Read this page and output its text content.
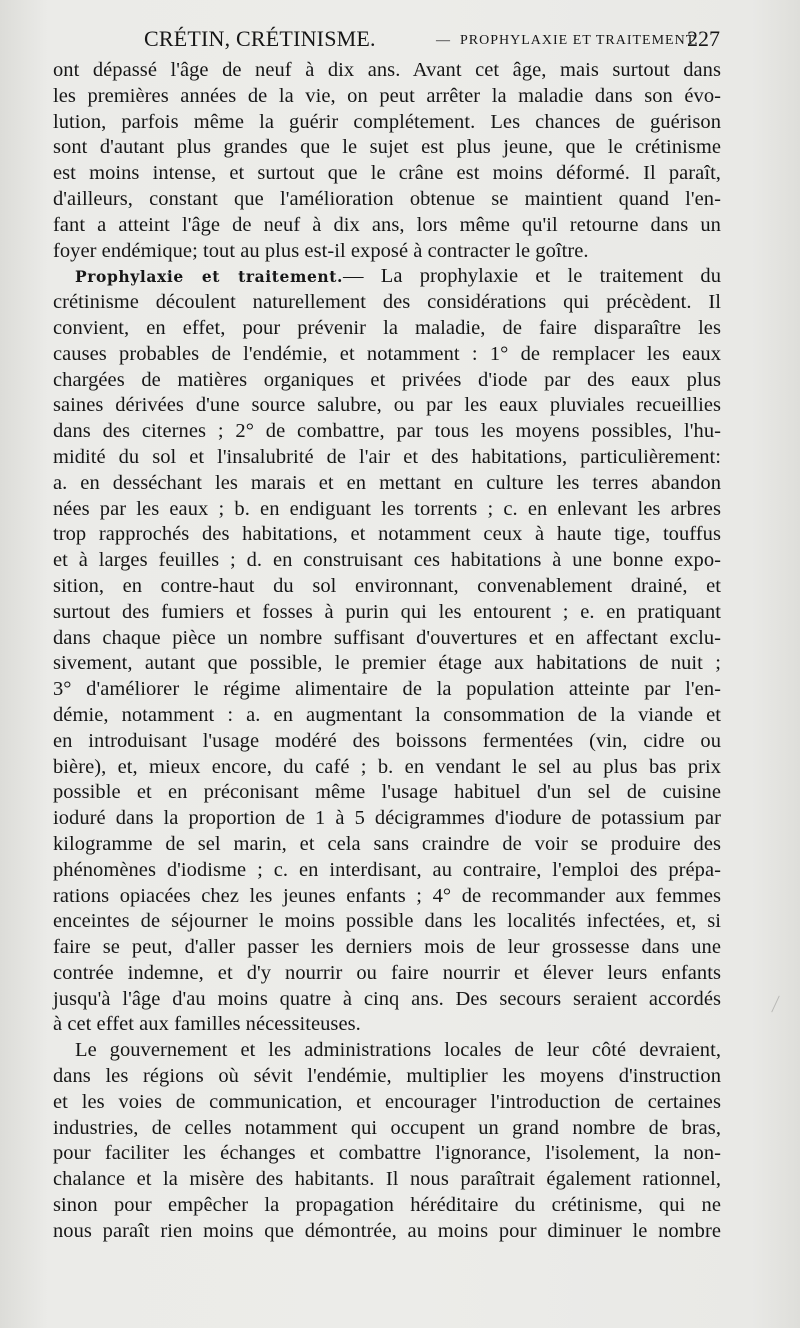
CRÉTIN, CRÉTINISME.	— PROPHYLAXIE ET TRAITEMENT.
227
ont dépassé l'âge de neuf à dix ans. Avant cet âge, mais surtout dans
les premières années de la vie, on peut arrêter la maladie dans son évo-
lution, parfois même la guérir complétement. Les chances de guérison
sont d'autant plus grandes que le sujet est plus jeune, que le crétinisme
est moins intense, et surtout que le crâne est moins déformé. Il paraît,
d'ailleurs, constant que l'amélioration obtenue se maintient quand l'en-
fant a atteint l'âge de neuf à dix ans, lors même qu'il retourne dans un
foyer endémique; tout au plus est-il exposé à contracter le goître.
Prophylaxie et traitement.— La prophylaxie et le traitement du
crétinisme découlent naturellement des considérations qui précèdent. Il
convient, en effet, pour prévenir la maladie, de faire disparaître les
causes probables de l'endémie, et notamment : 1° de remplacer les eaux
chargées de matières organiques et privées d'iode par des eaux plus
saines dérivées d'une source salubre, ou par les eaux pluviales recueillies
dans des citernes ; 2° de combattre, par tous les moyens possibles, l'hu-
midité du sol et l'insalubrité de l'air et des habitations, particulièrement:
a. en desséchant les marais et en mettant en culture les terres abandon
nées par les eaux ; b. en endiguant les torrents ; c. en enlevant les arbres
trop rapprochés des habitations, et notamment ceux à haute tige, touffus
et à larges feuilles ; d. en construisant ces habitations à une bonne expo-
sition, en contre-haut du sol environnant, convenablement drainé, et
surtout des fumiers et fosses à purin qui les entourent ; e. en pratiquant
dans chaque pièce un nombre suffisant d'ouvertures et en affectant exclu-
sivement, autant que possible, le premier étage aux habitations de nuit ;
3° d'améliorer le régime alimentaire de la population atteinte par l'en-
démie, notamment : a. en augmentant la consommation de la viande et
en introduisant l'usage modéré des boissons fermentées (vin, cidre ou
bière), et, mieux encore, du café ; b. en vendant le sel au plus bas prix
possible et en préconisant même l'usage habituel d'un sel de cuisine
ioduré dans la proportion de 1 à 5 décigrammes d'iodure de potassium par
kilogramme de sel marin, et cela sans craindre de voir se produire des
phénomènes d'iodisme ; c. en interdisant, au contraire, l'emploi des prépa-
rations opiacées chez les jeunes enfants ; 4° de recommander aux femmes
enceintes de séjourner le moins possible dans les localités infectées, et, si
faire se peut, d'aller passer les derniers mois de leur grossesse dans une
contrée indemne, et d'y nourrir ou faire nourrir et élever leurs enfants
jusqu'à l'âge d'au moins quatre à cinq ans. Des secours seraient accordés
à cet effet aux familles nécessiteuses.
Le gouvernement et les administrations locales de leur côté devraient,
dans les régions où sévit l'endémie, multiplier les moyens d'instruction
et les voies de communication, et encourager l'introduction de certaines
industries, de celles notamment qui occupent un grand nombre de bras,
pour faciliter les échanges et combattre l'ignorance, l'isolement, la non-
chalance et la misère des habitants. Il nous paraîtrait également rationnel,
sinon pour empêcher la propagation héréditaire du crétinisme, qui ne
nous paraît rien moins que démontrée, au moins pour diminuer le nombre
